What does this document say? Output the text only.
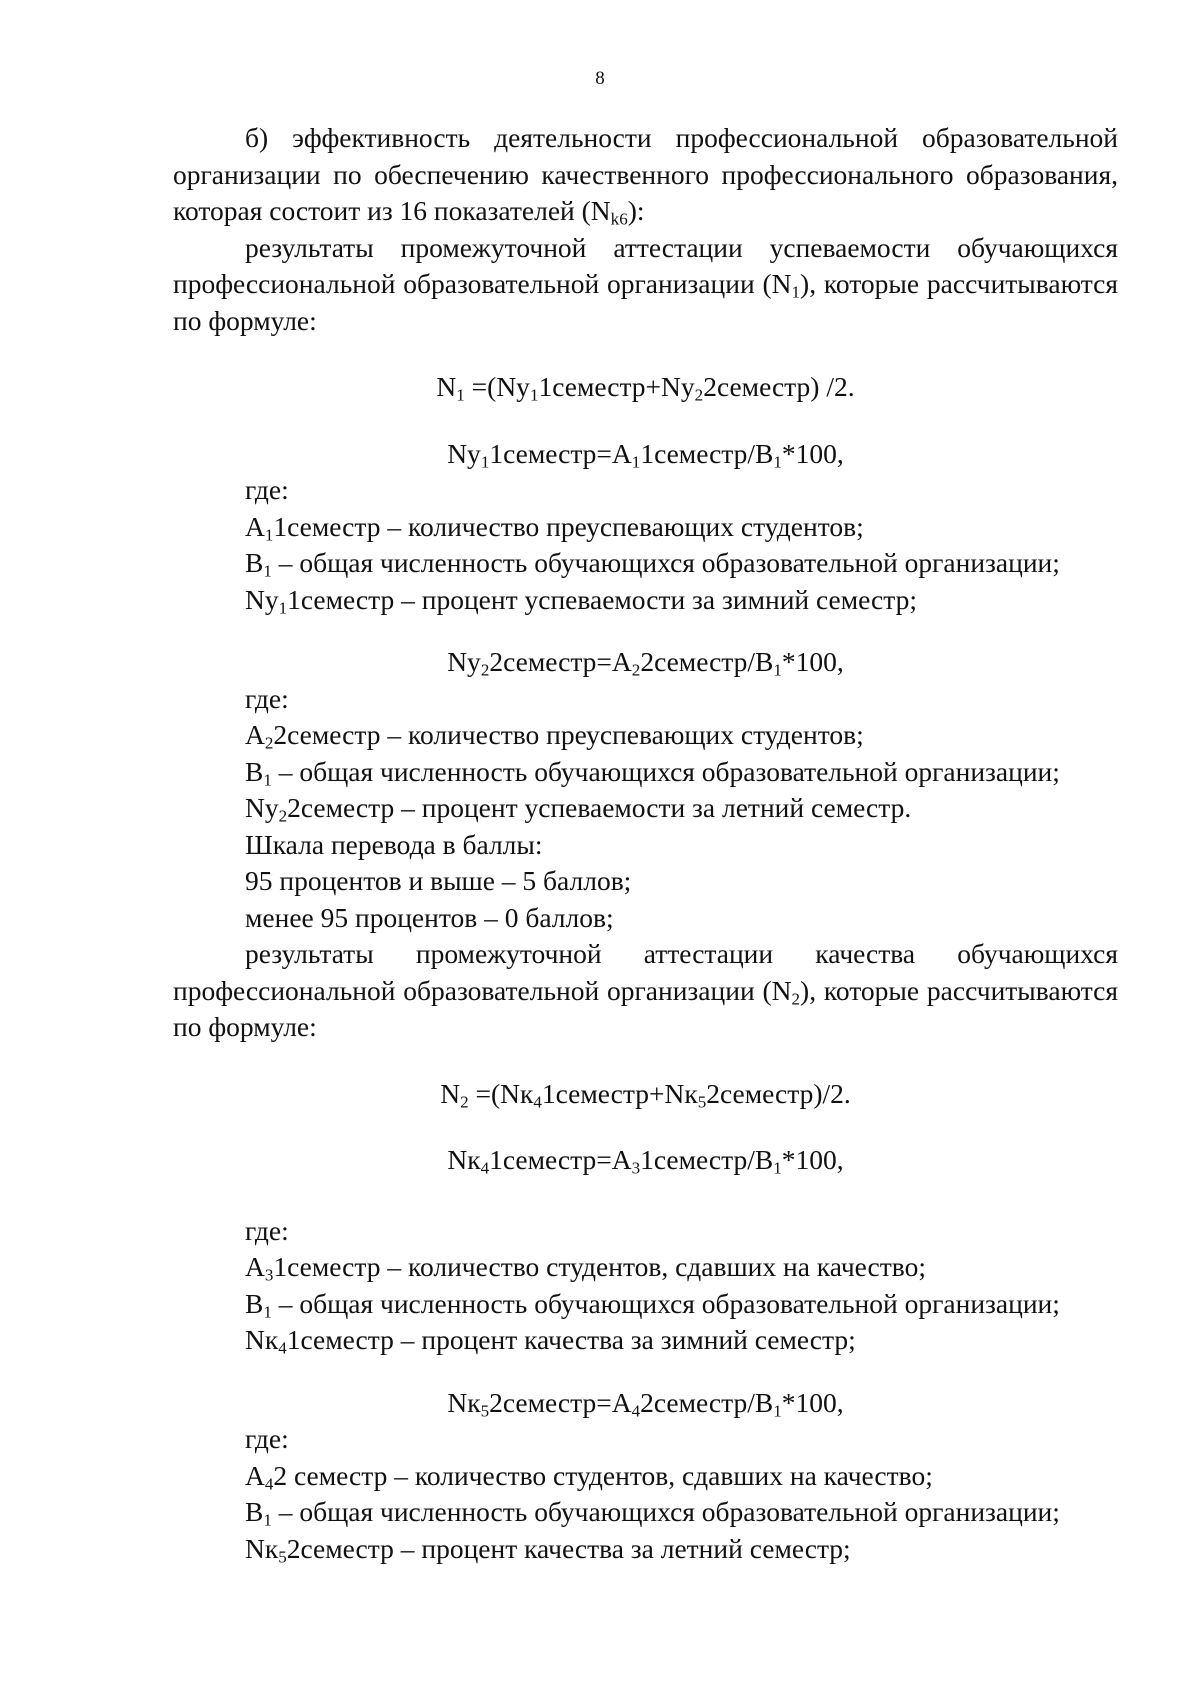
8

б) эффективность деятельности профессиональной образовательной организации по обеспечению качественного профессионального образования, которая состоит из 16 показателей $(N_{k6})$:

результаты промежуточной аттестации успеваемости обучающихся профессиональной образовательной организации $(N_1)$, которые рассчитываются по формуле:

$N_1$ $=(Nу_11семестр+Nу_22семестр)$ /2.

$Nу_11семестр=А_11семестр/В_1*100$,

где:

$А_11семестр$ – количество преуспевающих студентов;

$В_1$ – общая численность обучающихся образовательной организации;

$Nу_11семестр$ – процент успеваемости за зимний семестр;

$Nу_22семестр=А_22семестр/В_1*100$,

где:

$А_22семестр$ – количество преуспевающих студентов;

$В_1$ – общая численность обучающихся образовательной организации;

$Nу_22семестр$ – процент успеваемости за летний семестр.

Шкала перевода в баллы:

95 процентов и выше – 5 баллов;

менее 95 процентов – 0 баллов;

результаты промежуточной аттестации качества обучающихся профессиональной образовательной организации $(N_2)$, которые рассчитываются по формуле:

$N_2$ $=(Nк_41семестр+Nк_52семестр)/2$.

$Nк_41семестр=А_31семестр/В_1*100$,

где:

$А_31семестр$ – количество студентов, сдавших на качество;

$В_1$ – общая численность обучающихся образовательной организации;

$Nк_41семестр$ – процент качества за зимний семестр;

$Nк_52семестр=А_42семестр/В_1*100$,

где:

$А_42$ семестр – количество студентов, сдавших на качество;

$В_1$ – общая численность обучающихся образовательной организации;

$Nк_52семестр$ – процент качества за летний семестр;
